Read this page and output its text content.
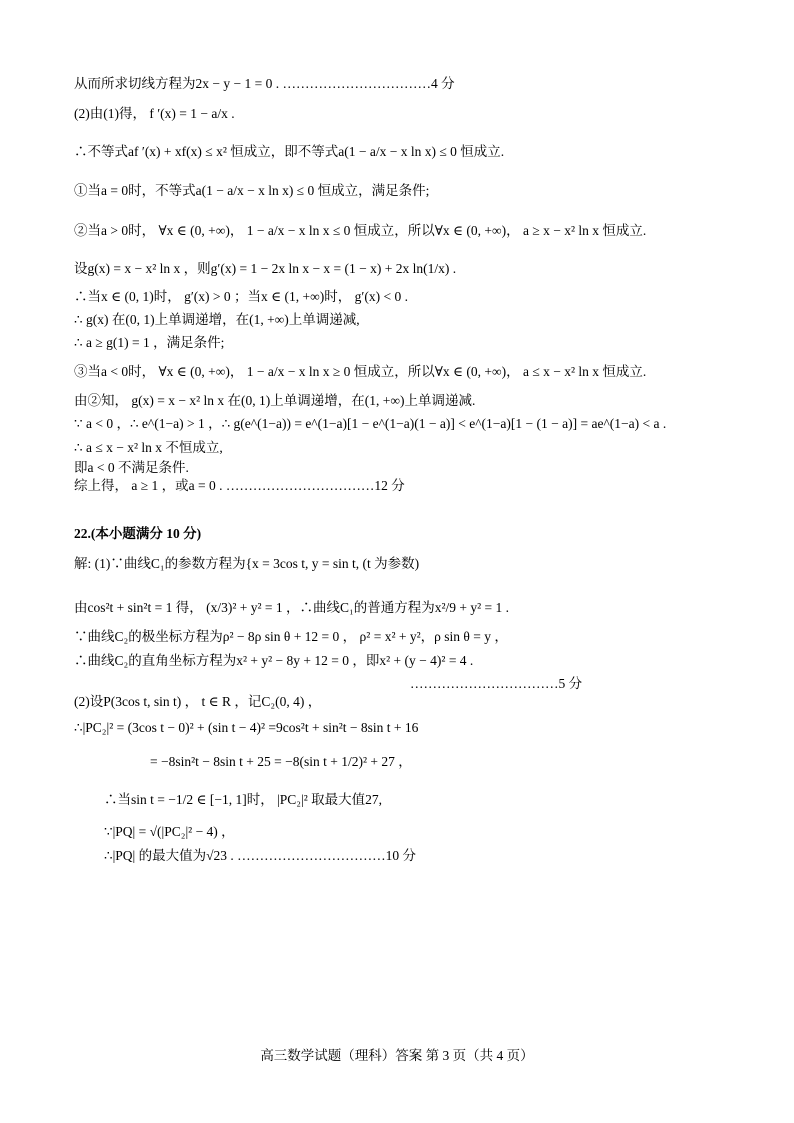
从而所求切线方程为2x − y − 1 = 0 . ……………………………4 分
(2)由(1)得， f ′(x) = 1 − a/x .
∴不等式af ′(x) + xf(x) ≤ x² 恒成立，即不等式a(1 − a/x − x ln x) ≤ 0 恒成立.
①当a = 0时，不等式a(1 − a/x − x ln x) ≤ 0 恒成立，满足条件;
②当a > 0时， ∀x ∈ (0, +∞)， 1 − a/x − x ln x ≤ 0 恒成立，所以∀x ∈ (0, +∞)， a ≥ x − x² ln x 恒成立.
设g(x) = x − x² ln x ，则g′(x) = 1 − 2x ln x − x = (1 − x) + 2x ln(1/x) .
∴当x ∈ (0, 1)时， g′(x) > 0 ；当x ∈ (1, +∞)时， g′(x) < 0 .
∴ g(x) 在(0, 1)上单调递增，在(1, +∞)上单调递减,
∴ a ≥ g(1) = 1 ，满足条件;
③当a < 0时， ∀x ∈ (0, +∞)， 1 − a/x − x ln x ≥ 0 恒成立，所以∀x ∈ (0, +∞)， a ≤ x − x² ln x 恒成立.
由②知， g(x) = x − x² ln x 在(0, 1)上单调递增，在(1, +∞)上单调递减.
∵ a < 0 ，∴ e^(1−a) > 1 ，∴ g(e^(1−a)) = e^(1−a)[1 − e^(1−a)(1 − a)] < e^(1−a)[1 − (1 − a)] = ae^(1−a) < a .
∴ a ≤ x − x² ln x 不恒成立,
即a < 0 不满足条件.
综上得， a ≥ 1 ，或a = 0 . ……………………………12 分
22.(本小题满分 10 分)
解: (1)∵曲线C₁的参数方程为{x = 3cos t, y = sin t, (t 为参数)
由cos²t + sin²t = 1 得， (x/3)² + y² = 1 ，∴曲线C₁的普通方程为x²/9 + y² = 1 .
∵曲线C₂的极坐标方程为ρ² − 8ρ sin θ + 12 = 0 ， ρ² = x² + y²，ρ sin θ = y ，
∴曲线C₂的直角坐标方程为x² + y² − 8y + 12 = 0 ，即x² + (y − 4)² = 4 .
……………………………5 分
(2)设P(3cos t, sin t) ， t ∈ R ，记C₂(0, 4) ，
∴|PC₂|² = (3cos t − 0)² + (sin t − 4)² =9cos²t + sin²t − 8sin t + 16
= −8sin²t − 8sin t + 25 = −8(sin t + 1/2)² + 27 ，
∴当sin t = −1/2 ∈ [−1, 1]时， |PC₂|² 取最大值27,
∵|PQ| = √(|PC₂|² − 4) ，
∴|PQ| 的最大值为√23 . ……………………………10 分
高三数学试题（理科）答案 第 3 页（共 4 页）
